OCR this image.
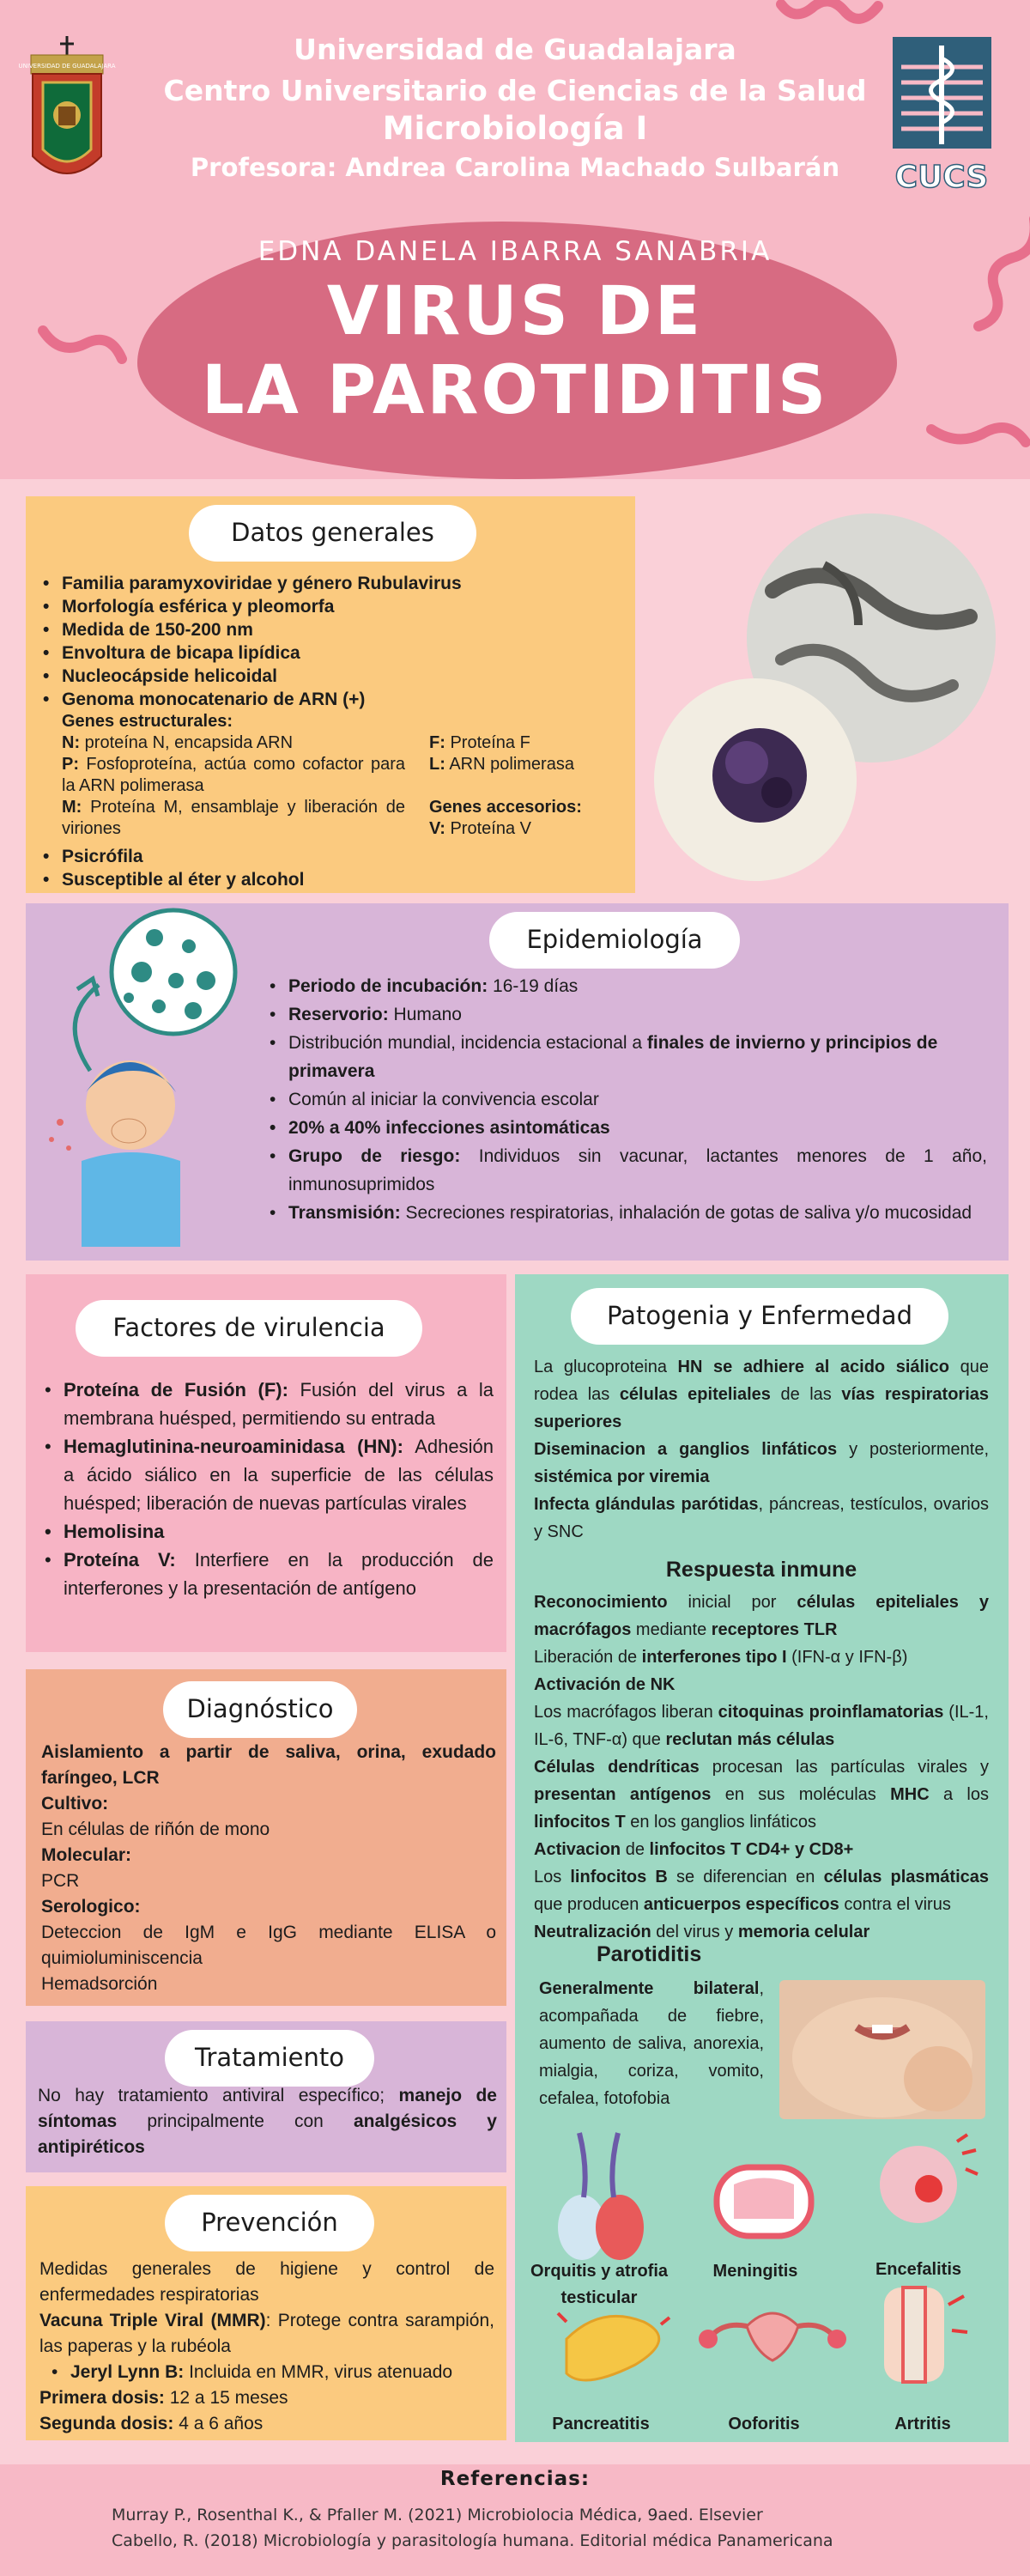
UNIVERSIDAD DE GUADALAJARA
CUCS
Universidad de Guadalajara
Centro Universitario de Ciencias de la Salud
Microbiología I
Profesora: Andrea Carolina Machado Sulbarán
EDNA DANELA IBARRA SANABRIA
VIRUS DE
LA PAROTIDITIS
Datos generales
• Familia paramyxoviridae y género Rubulavirus
• Morfología esférica y pleomorfa
• Medida de 150-200 nm
• Envoltura de bicapa lipídica
• Nucleocápside helicoidal
• Genoma monocatenario de ARN (+)
Genes estructurales:
N: proteína N, encapsida ARN
P: Fosfoproteína, actúa como cofactor para la ARN polimerasa
M: Proteína M, ensamblaje y liberación de viriones
F: Proteína F
L: ARN polimerasa
Genes accesorios:
V: Proteína V
• Psicrófila
• Susceptible al éter y alcohol
Epidemiología
• Periodo de incubación: 16-19 días
• Reservorio: Humano
• Distribución mundial, incidencia estacional a finales de invierno y principios de primavera
• Común al iniciar la convivencia escolar
• 20% a 40% infecciones asintomáticas
• Grupo de riesgo: Individuos sin vacunar, lactantes menores de 1 año, inmunosuprimidos
• Transmisión: Secreciones respiratorias, inhalación de gotas de saliva y/o mucosidad
Factores de virulencia
• Proteína de Fusión (F): Fusión del virus a la membrana huésped, permitiendo su entrada
• Hemaglutinina-neuroaminidasa (HN): Adhesión a ácido siálico en la superficie de las células huésped; liberación de nuevas partículas virales
• Hemolisina
• Proteína V: Interfiere en la producción de interferones y la presentación de antígeno
Diagnóstico
Aislamiento a partir de saliva, orina, exudado faríngeo, LCR
Cultivo:
En células de riñón de mono
Molecular:
PCR
Serologico:
Deteccion de IgM e IgG mediante ELISA o quimioluminiscencia
Hemadsorción
Tratamiento
No hay tratamiento antiviral específico; manejo de síntomas principalmente con analgésicos y antipiréticos
Prevención
Medidas generales de higiene y control de enfermedades respiratorias
Vacuna Triple Viral (MMR): Protege contra sarampión, las paperas y la rubéola
• Jeryl Lynn B: Incluida en MMR, virus atenuado
Primera dosis: 12 a 15 meses
Segunda dosis: 4 a 6 años
Patogenia y Enfermedad
La glucoproteina HN se adhiere al acido siálico que rodea las células epiteliales de las vías respiratorias superiores
Diseminacion a ganglios linfáticos y posteriormente, sistémica por viremia
Infecta glándulas parótidas, páncreas, testículos, ovarios y SNC
Respuesta inmune
Reconocimiento inicial por células epiteliales y macrófagos mediante receptores TLR
Liberación de interferones tipo I (IFN-α y IFN-β)
Activación de NK
Los macrófagos liberan citoquinas proinflamatorias (IL-1, IL-6, TNF-α) que reclutan más células
Células dendríticas procesan las partículas virales y presentan antígenos en sus moléculas MHC a los linfocitos T en los ganglios linfáticos
Activacion de linfocitos T CD4+ y CD8+
Los linfocitos B se diferencian en células plasmáticas que producen anticuerpos específicos contra el virus
Neutralización del virus y memoria celular
Parotiditis
Generalmente bilateral, acompañada de fiebre, aumento de saliva, anorexia, mialgia, coriza, vomito, cefalea, fotofobia
Orquitis y atrofia testicular
Meningitis	Encefalitis
Pancreatitis	Ooforitis	Artritis
Referencias:
Murray P., Rosenthal K., & Pfaller M. (2021) Microbiolocia Médica, 9aed. Elsevier
Cabello, R. (2018) Microbiología y parasitología humana. Editorial médica Panamericana
